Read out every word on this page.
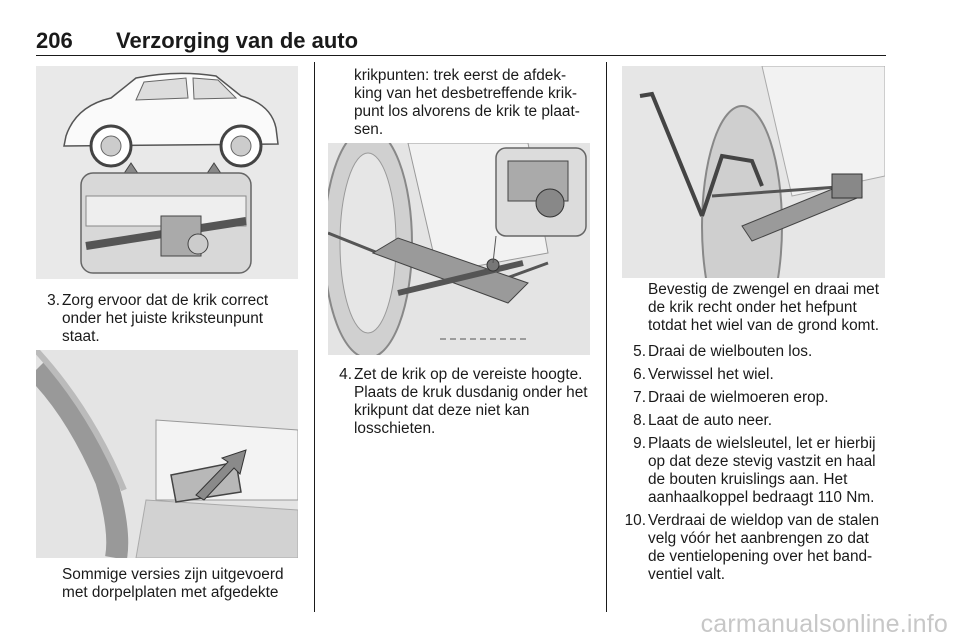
206 Verzorging van de auto
3. Zorg ervoor dat de krik correct
onder het juiste kriksteunpunt
staat.
Sommige versies zijn uitgevoerd
met dorpelplaten met afgedekte
krikpunten: trek eerst de afdek-
king van het desbetreffende krik-
punt los alvorens de krik te plaat-
sen.
4. Zet de krik op de vereiste hoogte.
Plaats de kruk dusdanig onder het
krikpunt dat deze niet kan
losschieten.
Bevestig de zwengel en draai met
de krik recht onder het hefpunt
totdat het wiel van de grond komt.
5. Draai de wielbouten los.
6. Verwissel het wiel.
7. Draai de wielmoeren erop.
8. Laat de auto neer.
9. Plaats de wielsleutel, let er hierbij
op dat deze stevig vastzit en haal
de bouten kruislings aan. Het
aanhaalkoppel bedraagt 110 Nm.
10. Verdraai de wieldop van de stalen
velg vóór het aanbrengen zo dat
de ventielopening over het band-
ventiel valt.
carmanualsonline.info
